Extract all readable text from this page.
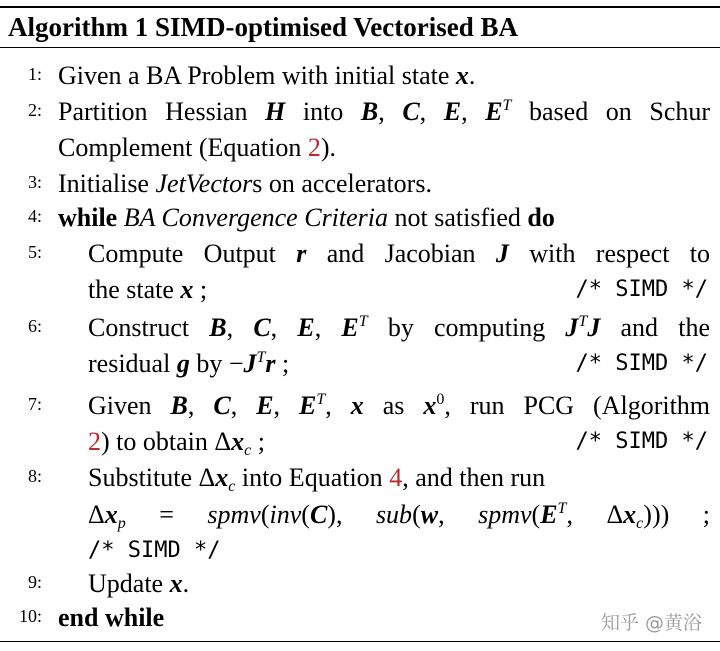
Algorithm 1 SIMD-optimised Vectorised BA
1: Given a BA Problem with initial state x.
2: Partition Hessian H into B, C, E, $E^T$ based on Schur
Complement (Equation 2).
3: Initialise JetVectors on accelerators.
4: while BA Convergence Criteria not satisfied do
5: Compute Output r and Jacobian J with respect to
the state x ;	/* SIMD */
6: Construct B, C, E, $E^T$ by computing $J^TJ$ and the
residual g by $-J^Tr$ ;	/* SIMD */
7: Given B, C, E, $E^T$, x as $x^0$, run PCG (Algorithm
2) to obtain $\Delta x_c$ ;	/* SIMD */
8: Substitute $\Delta x_c$ into Equation 4, and then run
$\Delta x_p$ = spmv(inv(C), sub(w, $spmv(E^T$, $\Delta x_c$))) ;
/* SIMD */
9: Update x.
10: end while	知乎 @黄浴
